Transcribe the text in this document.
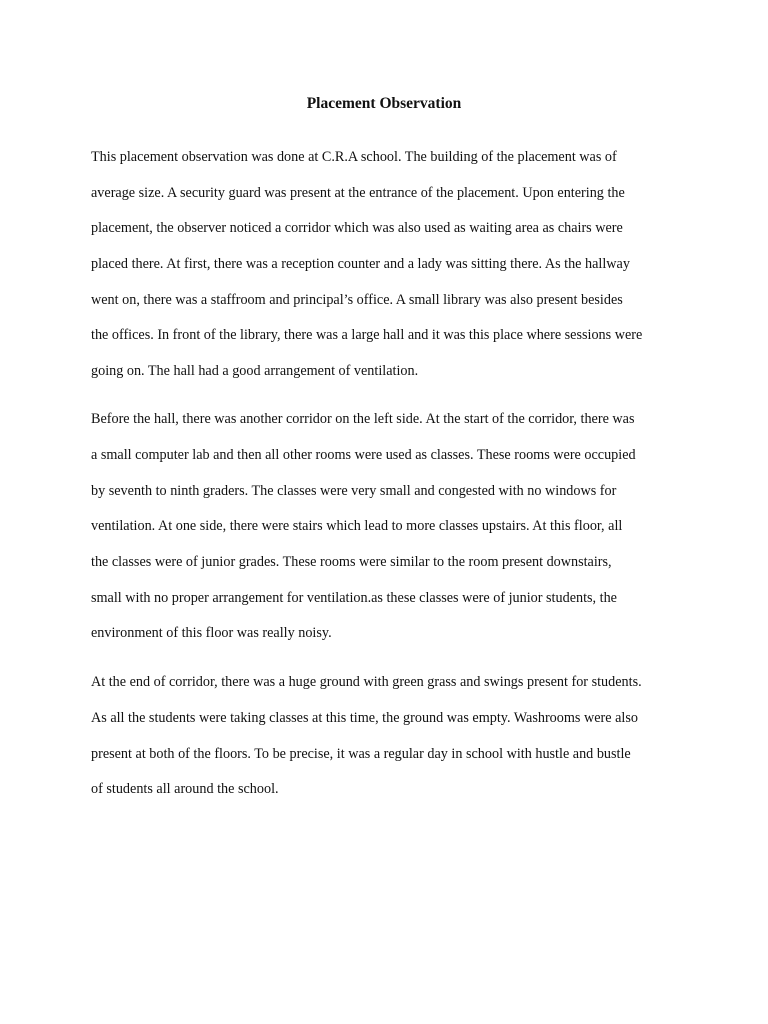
Placement Observation

This placement observation was done at C.R.A school. The building of the placement was of

average size. A security guard was present at the entrance of the placement. Upon entering the

placement, the observer noticed a corridor which was also used as waiting area as chairs were

placed there. At first, there was a reception counter and a lady was sitting there. As the hallway

went on, there was a staffroom and principal’s office. A small library was also present besides

the offices. In front of the library, there was a large hall and it was this place where sessions were

going on. The hall had a good arrangement of ventilation.

Before the hall, there was another corridor on the left side. At the start of the corridor, there was

a small computer lab and then all other rooms were used as classes. These rooms were occupied

by seventh to ninth graders. The classes were very small and congested with no windows for

ventilation. At one side, there were stairs which lead to more classes upstairs. At this floor, all

the classes were of junior grades. These rooms were similar to the room present downstairs,

small with no proper arrangement for ventilation.as these classes were of junior students, the

environment of this floor was really noisy.

At the end of corridor, there was a huge ground with green grass and swings present for students.

As all the students were taking classes at this time, the ground was empty. Washrooms were also

present at both of the floors. To be precise, it was a regular day in school with hustle and bustle

of students all around the school.
